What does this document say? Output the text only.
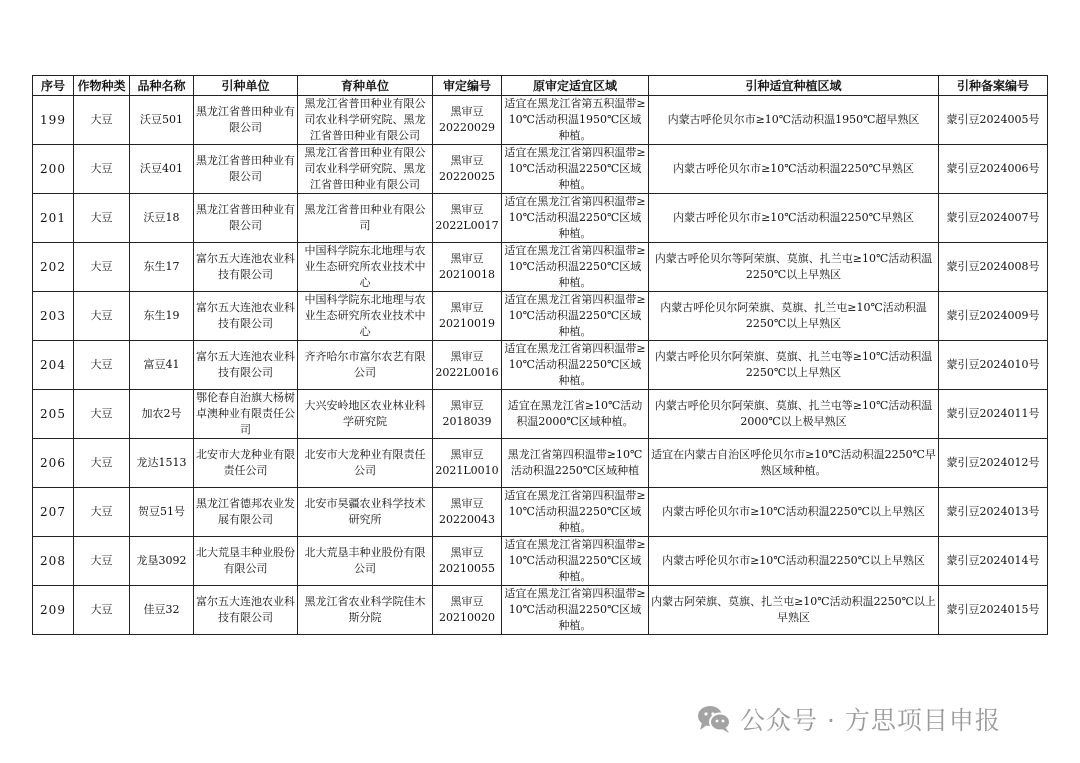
序号	作物种类	品种名称	引种单位	育种单位	审定编号	原审定适宜区域	引种适宜种植区域	引种备案编号
199	大豆	沃豆501	黑龙江省普田种业有限公司	黑龙江省普田种业有限公司农业科学研究院、黑龙江省普田种业有限公司	黑审豆20220029	适宜在黑龙江省第五积温带≥10℃活动积温1950℃区域种植。	内蒙古呼伦贝尔市≥10℃活动积温1950℃超早熟区	蒙引豆2024005号
200	大豆	沃豆401	黑龙江省普田种业有限公司	黑龙江省普田种业有限公司农业科学研究院、黑龙江省普田种业有限公司	黑审豆20220025	适宜在黑龙江省第四积温带≥10℃活动积温2250℃区域种植。	内蒙古呼伦贝尔市≥10℃活动积温2250℃早熟区	蒙引豆2024006号
201	大豆	沃豆18	黑龙江省普田种业有限公司	黑龙江省普田种业有限公司	黑审豆2022L0017	适宜在黑龙江省第四积温带≥10℃活动积温2250℃区域种植。	内蒙古呼伦贝尔市≥10℃活动积温2250℃早熟区	蒙引豆2024007号
202	大豆	东生17	富尔五大连池农业科技有限公司	中国科学院东北地理与农业生态研究所农业技术中心	黑审豆20210018	适宜在黑龙江省第四积温带≥10℃活动积温2250℃区域种植。	内蒙古呼伦贝尔等阿荣旗、莫旗、扎兰屯≥10℃活动积温2250℃以上早熟区	蒙引豆2024008号
203	大豆	东生19	富尔五大连池农业科技有限公司	中国科学院东北地理与农业生态研究所农业技术中心	黑审豆20210019	适宜在黑龙江省第四积温带≥10℃活动积温2250℃区域种植。	内蒙古呼伦贝尔阿荣旗、莫旗、扎兰屯≥10℃活动积温2250℃以上早熟区	蒙引豆2024009号
204	大豆	富豆41	富尔五大连池农业科技有限公司	齐齐哈尔市富尔农艺有限公司	黑审豆2022L0016	适宜在黑龙江省第四积温带≥10℃活动积温2250℃区域种植。	内蒙古呼伦贝尔阿荣旗、莫旗、扎兰屯等≥10℃活动积温2250℃以上早熟区	蒙引豆2024010号
205	大豆	加农2号	鄂伦春自治旗大杨树卓澳种业有限责任公司	大兴安岭地区农业林业科学研究院	黑审豆2018039	适宜在黑龙江省≥10℃活动积温2000℃区域种植。	内蒙古呼伦贝尔阿荣旗、莫旗、扎兰屯等≥10℃活动积温2000℃以上极早熟区	蒙引豆2024011号
206	大豆	龙达1513	北安市大龙种业有限责任公司	北安市大龙种业有限责任公司	黑审豆2021L0010	黑龙江省第四积温带≥10℃活动积温2250℃区域种植	适宜在内蒙古自治区呼伦贝尔市≥10℃活动积温2250℃早熟区域种植。	蒙引豆2024012号
207	大豆	贺豆51号	黑龙江省德邦农业发展有限公司	北安市昊疆农业科学技术研究所	黑审豆20220043	适宜在黑龙江省第四积温带≥10℃活动积温2250℃区域种植。	内蒙古呼伦贝尔市≥10℃活动积温2250℃以上早熟区	蒙引豆2024013号
208	大豆	龙垦3092	北大荒垦丰种业股份有限公司	北大荒垦丰种业股份有限公司	黑审豆20210055	适宜在黑龙江省第四积温带≥10℃活动积温2250℃区域种植。	内蒙古呼伦贝尔市≥10℃活动积温2250℃以上早熟区	蒙引豆2024014号
209	大豆	佳豆32	富尔五大连池农业科技有限公司	黑龙江省农业科学院佳木斯分院	黑审豆20210020	适宜在黑龙江省第四积温带≥10℃活动积温2250℃区域种植。	内蒙古阿荣旗、莫旗、扎兰屯≥10℃活动积温2250℃以上早熟区	蒙引豆2024015号
公众号 · 方思项目申报
